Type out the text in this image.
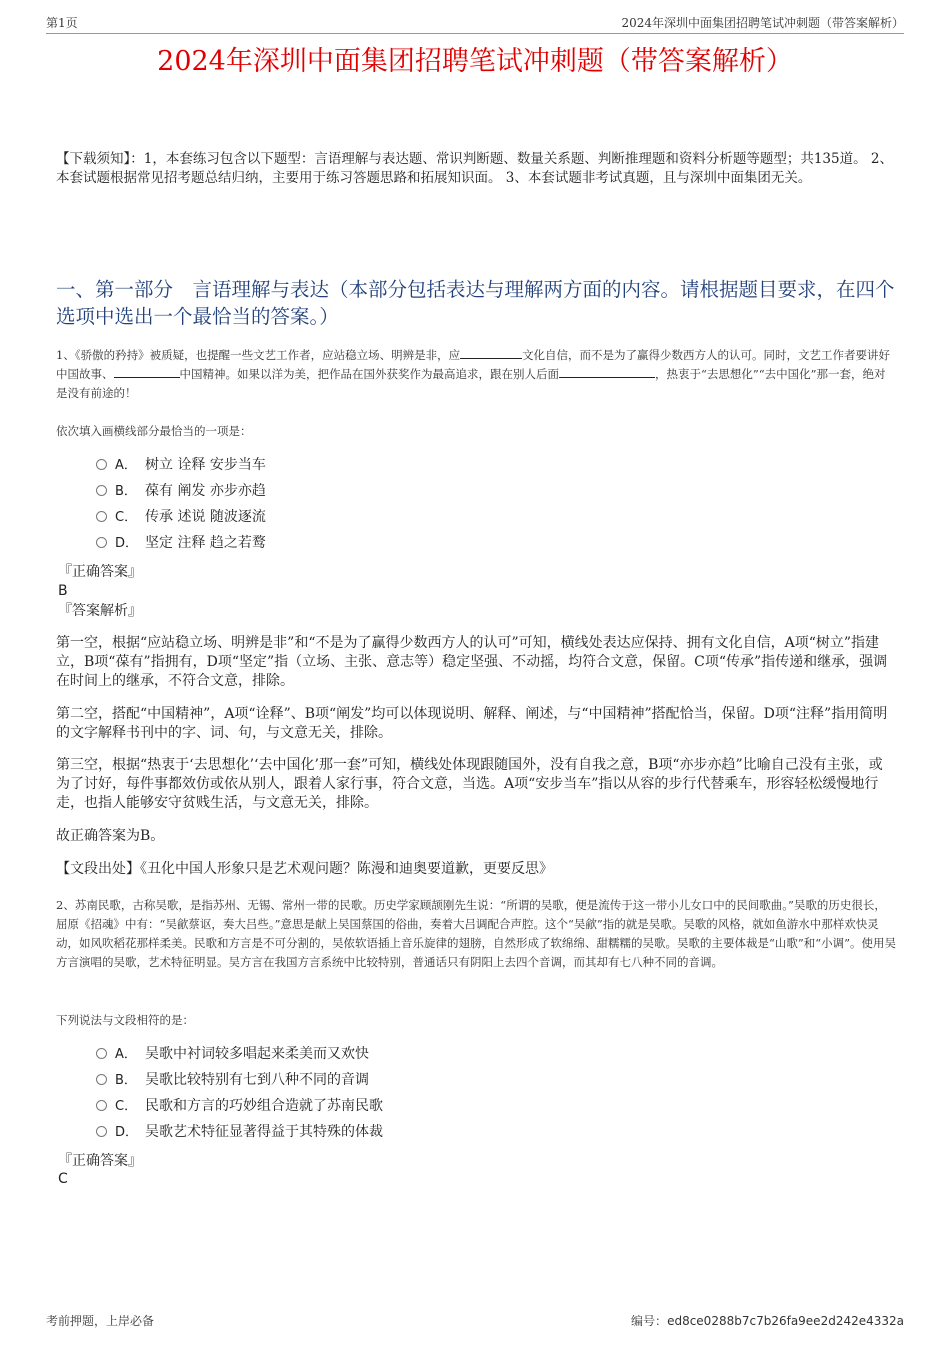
第1页	2024年深圳中面集团招聘笔试冲刺题（带答案解析）
2024年深圳中面集团招聘笔试冲刺题（带答案解析）
【下载须知】：1，本套练习包含以下题型：言语理解与表达题、常识判断题、数量关系题、判断推理题和资料分析题等题型；共135道。 2、本套试题根据常见招考题总结归纳，主要用于练习答题思路和拓展知识面。 3、本套试题非考试真题，且与深圳中面集团无关。
一、第一部分　言语理解与表达（本部分包括表达与理解两方面的内容。请根据题目要求，在四个选项中选出一个最恰当的答案。）
1、《骄傲的矜持》被质疑，也提醒一些文艺工作者，应站稳立场、明辨是非，应	文化自信，而不是为了赢得少数西方人的认可。同时，文艺工作者要讲好中国故事、	中国精神。如果以洋为美，把作品在国外获奖作为最高追求，跟在别人后面	，热衷于“去思想化”“去中国化”那一套，绝对是没有前途的！
依次填入画横线部分最恰当的一项是：
A． 树立 诠释 安步当车
B． 葆有 阐发 亦步亦趋
C． 传承 述说 随波逐流
D． 坚定 注释 趋之若鹜
『正确答案』
B
『答案解析』
第一空，根据“应站稳立场、明辨是非”和“不是为了赢得少数西方人的认可”可知，横线处表达应保持、拥有文化自信，A项“树立”指建立，B项“葆有”指拥有，D项“坚定”指（立场、主张、意志等）稳定坚强、不动摇，均符合文意，保留。C项“传承”指传递和继承，强调在时间上的继承，不符合文意，排除。
第二空，搭配“中国精神”，A项“诠释”、B项“阐发”均可以体现说明、解释、阐述，与“中国精神”搭配恰当，保留。D项“注释”指用简明的文字解释书刊中的字、词、句，与文意无关，排除。
第三空，根据“热衷于‘去思想化’‘去中国化’那一套”可知，横线处体现跟随国外，没有自我之意，B项“亦步亦趋”比喻自己没有主张，或为了讨好，每件事都效仿或依从别人，跟着人家行事，符合文意，当选。A项“安步当车”指以从容的步行代替乘车，形容轻松缓慢地行走，也指人能够安守贫贱生活，与文意无关，排除。
故正确答案为B。
【文段出处】《丑化中国人形象只是艺术观问题？陈漫和迪奥要道歉，更要反思》
2、苏南民歌，古称吴歌，是指苏州、无锡、常州一带的民歌。历史学家顾颉刚先生说：“所谓的吴歌，便是流传于这一带小儿女口中的民间歌曲。”吴歌的历史很长，屈原《招魂》中有：“吴歈蔡讴，奏大吕些。”意思是献上吴国蔡国的俗曲，奏着大吕调配合声腔。这个“吴歈”指的就是吴歌。吴歌的风格，就如鱼游水中那样欢快灵动，如风吹稻花那样柔美。民歌和方言是不可分割的，吴侬软语插上音乐旋律的翅膀，自然形成了软绵绵、甜糯糯的吴歌。吴歌的主要体裁是“山歌”和“小调”。使用吴方言演唱的吴歌，艺术特征明显。吴方言在我国方言系统中比较特别，普通话只有阴阳上去四个音调，而其却有七八种不同的音调。
下列说法与文段相符的是：
A． 吴歌中衬词较多唱起来柔美而又欢快
B． 吴歌比较特别有七到八种不同的音调
C． 民歌和方言的巧妙组合造就了苏南民歌
D． 吴歌艺术特征显著得益于其特殊的体裁
『正确答案』
C
考前押题，上岸必备	编号：ed8ce0288b7c7b26fa9ee2d242e4332a
